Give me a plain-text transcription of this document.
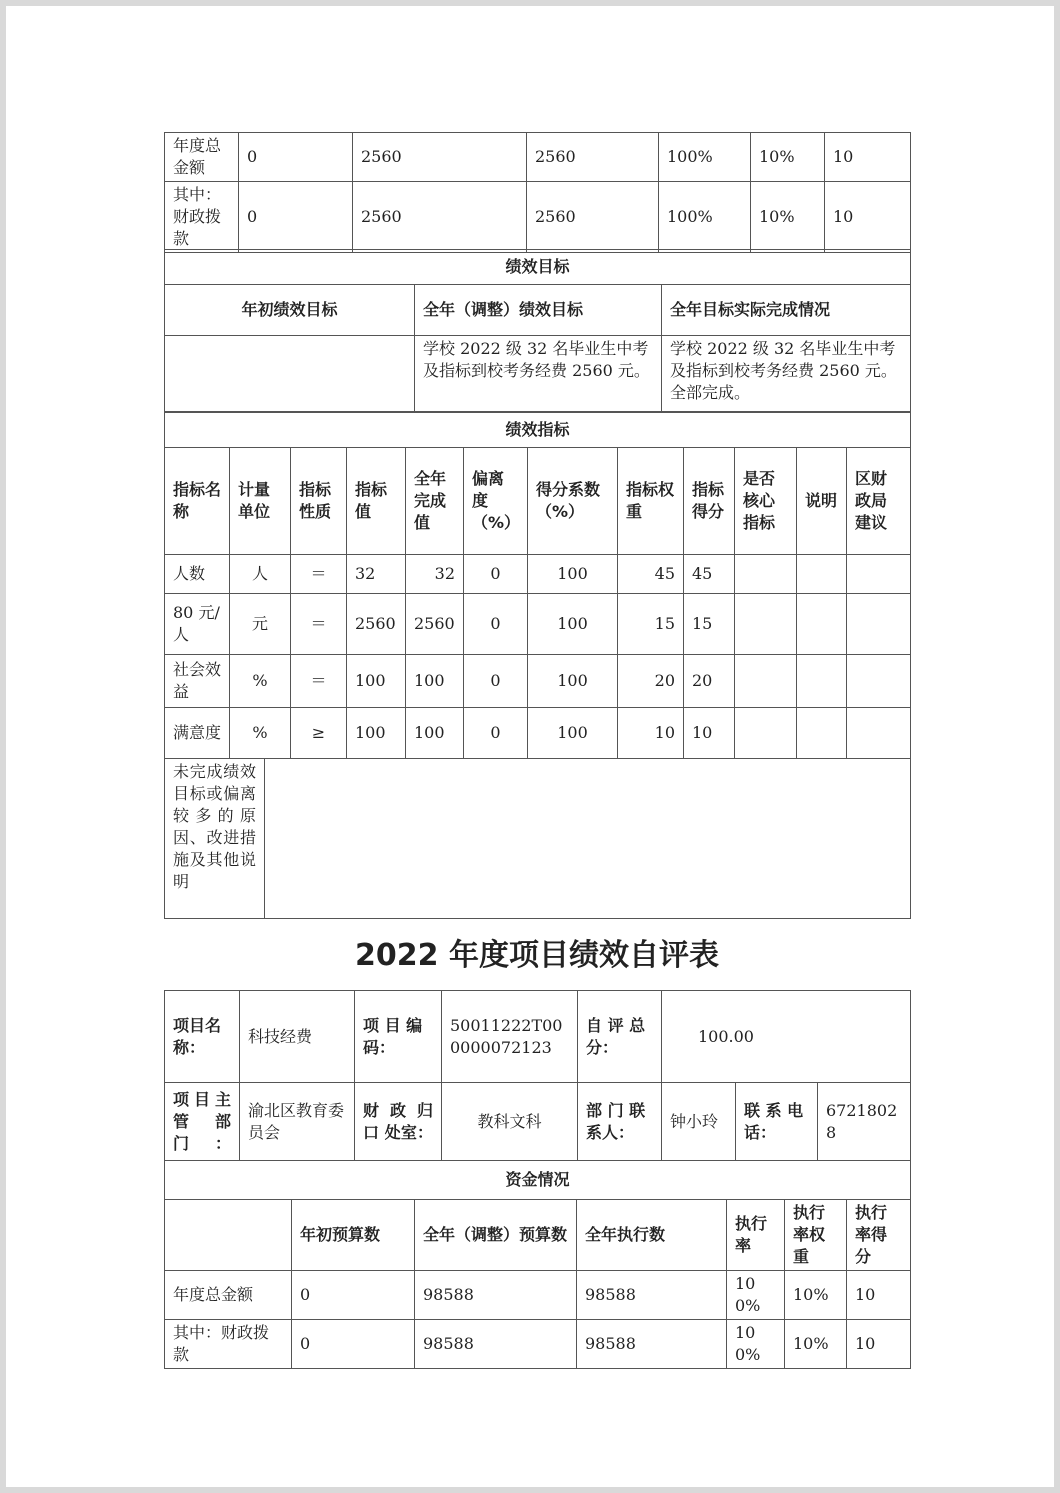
年度总金额	0	2560	2560	100%	10%	10
其中：财政拨款	0	2560	2560	100%	10%	10
绩效目标		
年初绩效目标	全年（调整）绩效目标	全年目标实际完成情况
	学校 2022 级 32 名毕业生中考及指标到校考务经费 2560 元。	学校 2022 级 32 名毕业生中考及指标到校考务经费 2560 元。全部完成。
绩效指标											
指标名称	计量单位	指标性质	指标值	全年完成值	偏离度（%）	得分系数（%）	指标权重	指标得分	是否核心指标	说明	区财政局建议
人数	人	＝	32	32	0	100	45	45			
80 元/人	元	＝	2560	2560	0	100	15	15			
社会效益	%	＝	100	100	0	100	20	20			
满意度	%	≥	100	100	0	100	10	10			
未完成绩效目标或偏离较多的原因、改进措施及其他说明	
2022 年度项目绩效自评表
项目名称：	科技经费	项 目 编码：	50011222T000000072123	自 评 总分：	100.00		
项目主管 部门：	渝北区教育委员会	财 政 归口 处室：	教科文科	部 门 联系人：	钟小玲	联 系 电话：	67218028
资金情况						
	年初预算数	全年（调整）预算数	全年执行数	执行率	执行率权重	执行率得分
年度总金额	0	98588	98588	100%	10%	10
其中：财政拨款	0	98588	98588	100%	10%	10
